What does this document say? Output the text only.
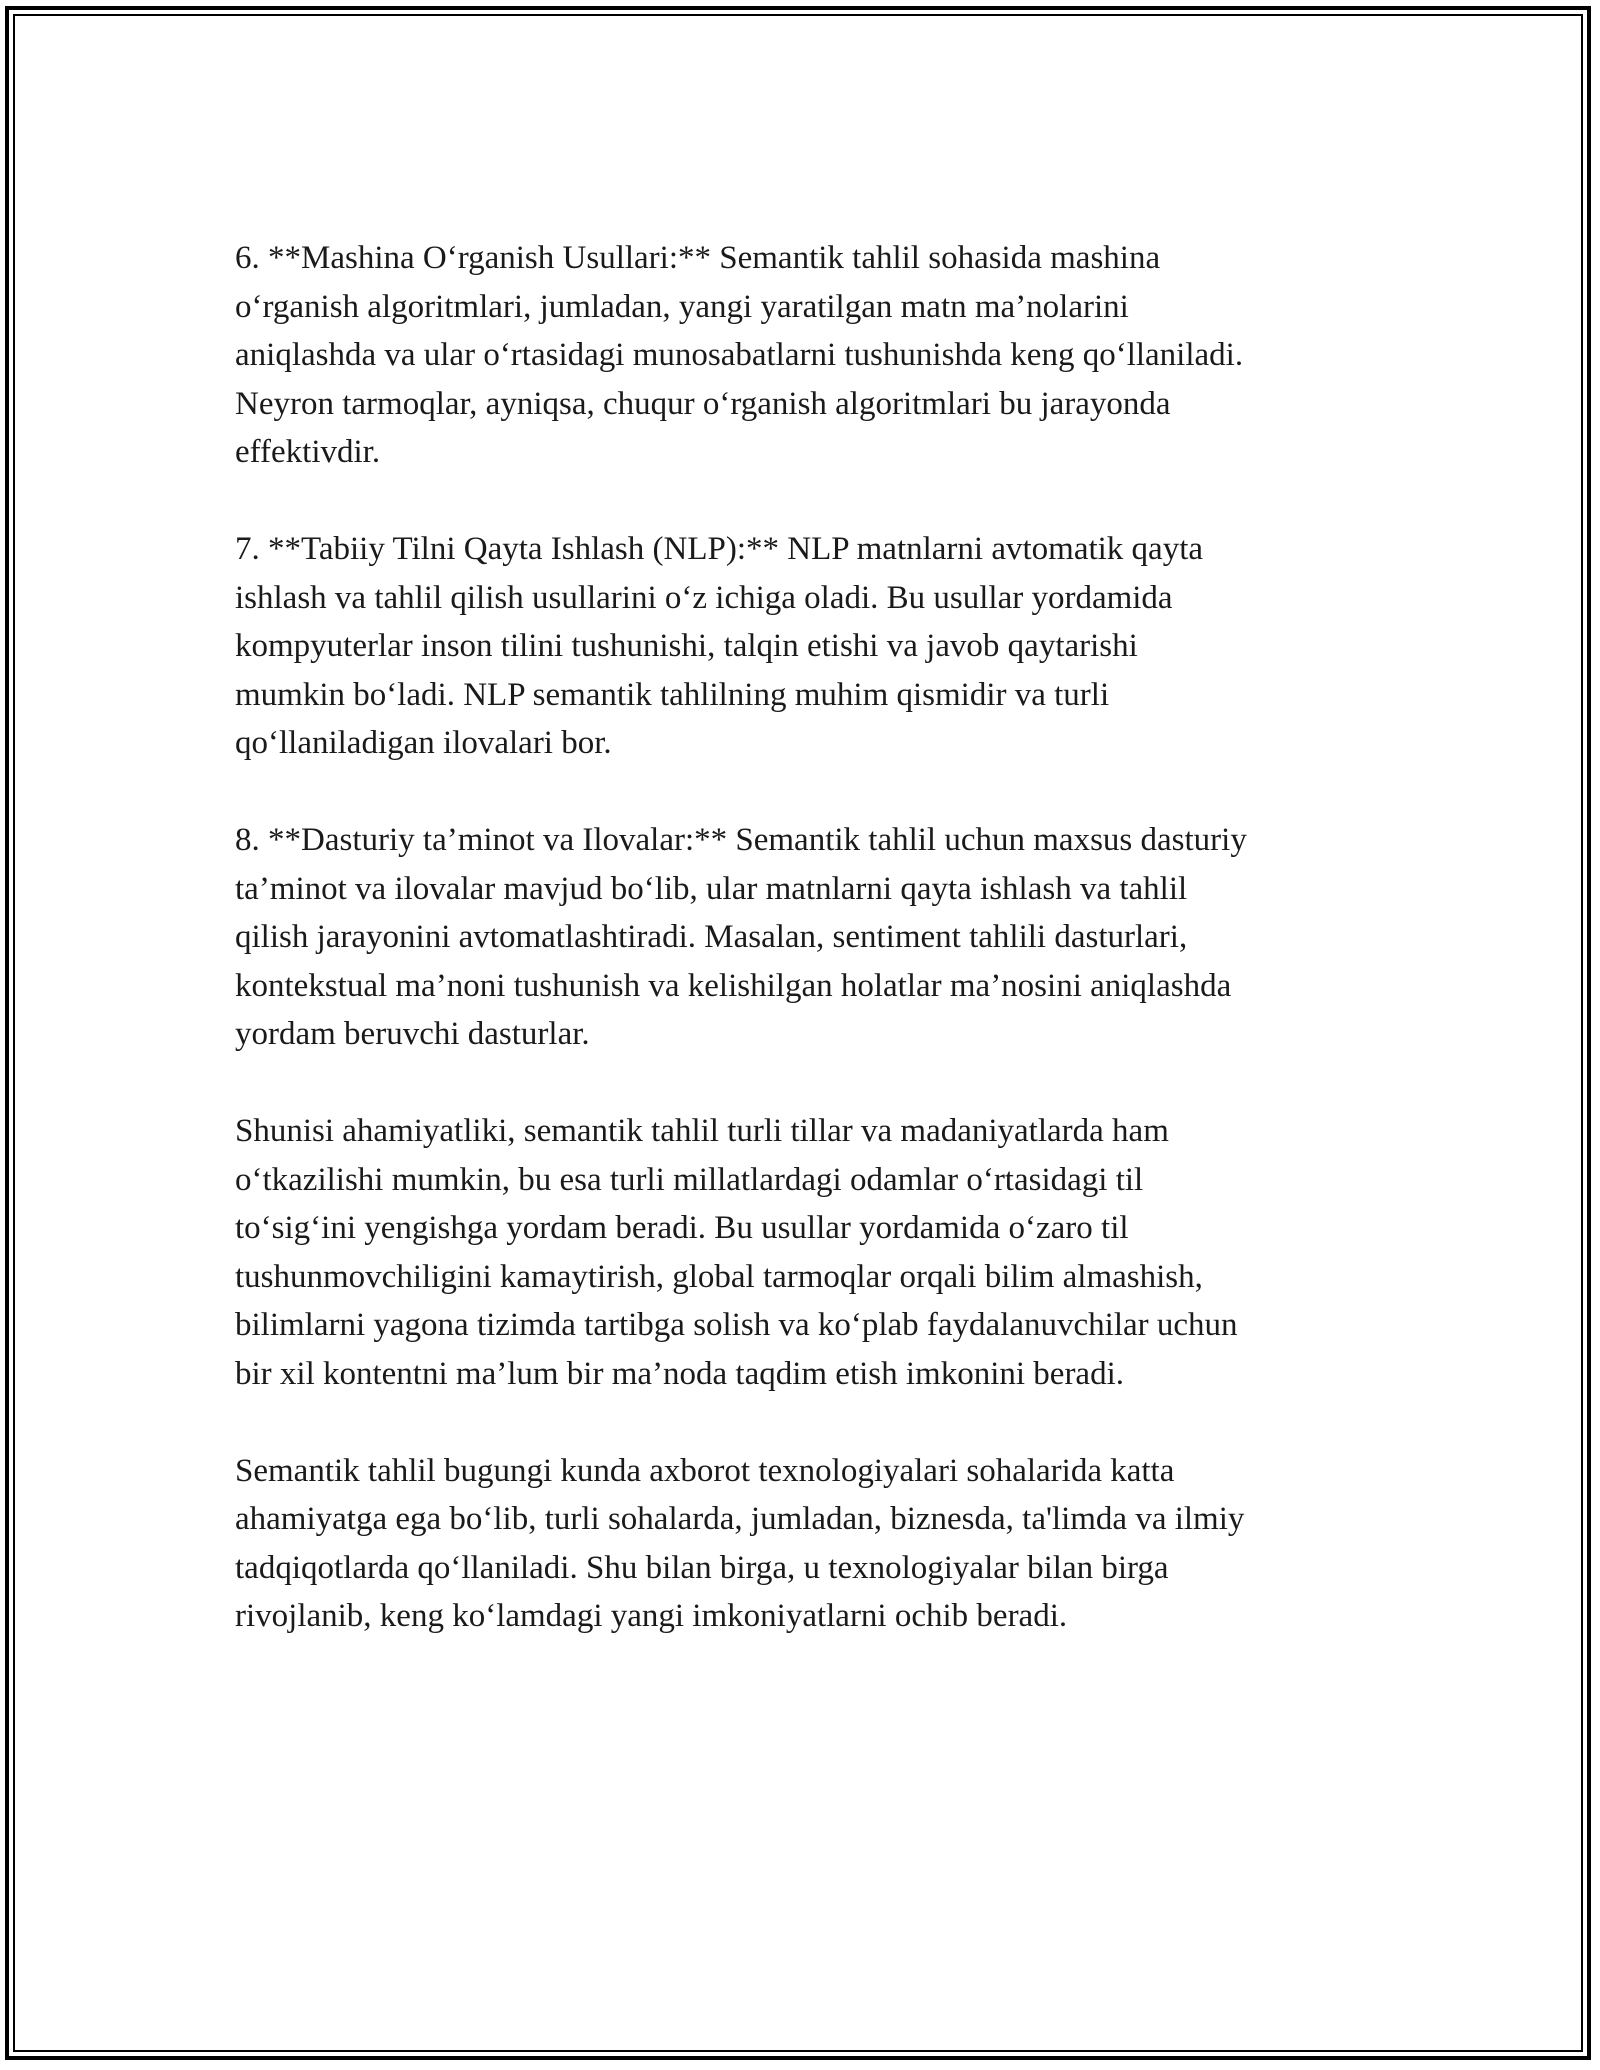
6. **Mashina O‘rganish Usullari:** Semantik tahlil sohasida mashina
o‘rganish algoritmlari, jumladan, yangi yaratilgan matn ma’nolarini
aniqlashda va ular o‘rtasidagi munosabatlarni tushunishda keng qo‘llaniladi.
Neyron tarmoqlar, ayniqsa, chuqur o‘rganish algoritmlari bu jarayonda
effektivdir.

7. **Tabiiy Tilni Qayta Ishlash (NLP):** NLP matnlarni avtomatik qayta
ishlash va tahlil qilish usullarini o‘z ichiga oladi. Bu usullar yordamida
kompyuterlar inson tilini tushunishi, talqin etishi va javob qaytarishi
mumkin bo‘ladi. NLP semantik tahlilning muhim qismidir va turli
qo‘llaniladigan ilovalari bor.

8. **Dasturiy ta’minot va Ilovalar:** Semantik tahlil uchun maxsus dasturiy
ta’minot va ilovalar mavjud bo‘lib, ular matnlarni qayta ishlash va tahlil
qilish jarayonini avtomatlashtiradi. Masalan, sentiment tahlili dasturlari,
kontekstual ma’noni tushunish va kelishilgan holatlar ma’nosini aniqlashda
yordam beruvchi dasturlar.

Shunisi ahamiyatliki, semantik tahlil turli tillar va madaniyatlarda ham
o‘tkazilishi mumkin, bu esa turli millatlardagi odamlar o‘rtasidagi til
to‘sig‘ini yengishga yordam beradi. Bu usullar yordamida o‘zaro til
tushunmovchiligini kamaytirish, global tarmoqlar orqali bilim almashish,
bilimlarni yagona tizimda tartibga solish va ko‘plab faydalanuvchilar uchun
bir xil kontentni ma’lum bir ma’noda taqdim etish imkonini beradi.

Semantik tahlil bugungi kunda axborot texnologiyalari sohalarida katta
ahamiyatga ega bo‘lib, turli sohalarda, jumladan, biznesda, ta'limda va ilmiy
tadqiqotlarda qo‘llaniladi. Shu bilan birga, u texnologiyalar bilan birga
rivojlanib, keng ko‘lamdagi yangi imkoniyatlarni ochib beradi.
